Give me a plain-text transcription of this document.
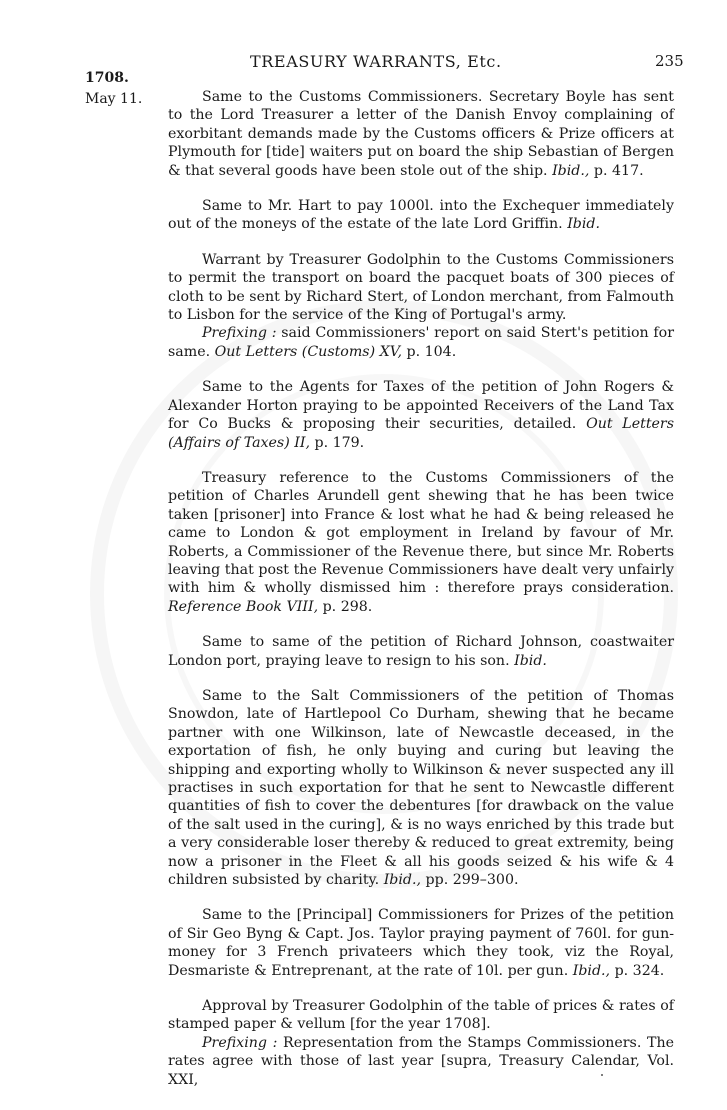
TREASURY WARRANTS, Etc.	235
1708.
May 11.	Same to the Customs Commissioners. Secretary Boyle has sent to the Lord Treasurer a letter of the Danish Envoy complaining of exorbitant demands made by the Customs officers & Prize officers at Plymouth for [tide] waiters put on board the ship Sebastian of Bergen & that several goods have been stole out of the ship. Ibid., p. 417.

Same to Mr. Hart to pay 1000l. into the Exchequer immediately out of the moneys of the estate of the late Lord Griffin. Ibid.

Warrant by Treasurer Godolphin to the Customs Commissioners to permit the transport on board the pacquet boats of 300 pieces of cloth to be sent by Richard Stert, of London merchant, from Falmouth to Lisbon for the service of the King of Portugal's army.

Prefixing : said Commissioners' report on said Stert's petition for same. Out Letters (Customs) XV, p. 104.

Same to the Agents for Taxes of the petition of John Rogers & Alexander Horton praying to be appointed Receivers of the Land Tax for Co Bucks & proposing their securities, detailed. Out Letters (Affairs of Taxes) II, p. 179.

Treasury reference to the Customs Commissioners of the petition of Charles Arundell gent shewing that he has been twice taken [prisoner] into France & lost what he had & being released he came to London & got employment in Ireland by favour of Mr. Roberts, a Commissioner of the Revenue there, but since Mr. Roberts leaving that post the Revenue Commissioners have dealt very unfairly with him & wholly dismissed him : therefore prays consideration. Reference Book VIII, p. 298.

Same to same of the petition of Richard Johnson, coastwaiter London port, praying leave to resign to his son. Ibid.

Same to the Salt Commissioners of the petition of Thomas Snowdon, late of Hartlepool Co Durham, shewing that he became partner with one Wilkinson, late of Newcastle deceased, in the exportation of fish, he only buying and curing but leaving the shipping and exporting wholly to Wilkinson & never suspected any ill practises in such exportation for that he sent to Newcastle different quantities of fish to cover the debentures [for drawback on the value of the salt used in the curing], & is no ways enriched by this trade but a very considerable loser thereby & reduced to great extremity, being now a prisoner in the Fleet & all his goods seized & his wife & 4 children subsisted by charity. Ibid., pp. 299–300.

Same to the [Principal] Commissioners for Prizes of the petition of Sir Geo Byng & Capt. Jos. Taylor praying payment of 760l. for gun-money for 3 French privateers which they took, viz the Royal, Desmariste & Entreprenant, at the rate of 10l. per gun. Ibid., p. 324.

Approval by Treasurer Godolphin of the table of prices & rates of stamped paper & vellum [for the year 1708].

Prefixing : Representation from the Stamps Commissioners. The rates agree with those of last year [supra, Treasury Calendar, Vol. XXI,
